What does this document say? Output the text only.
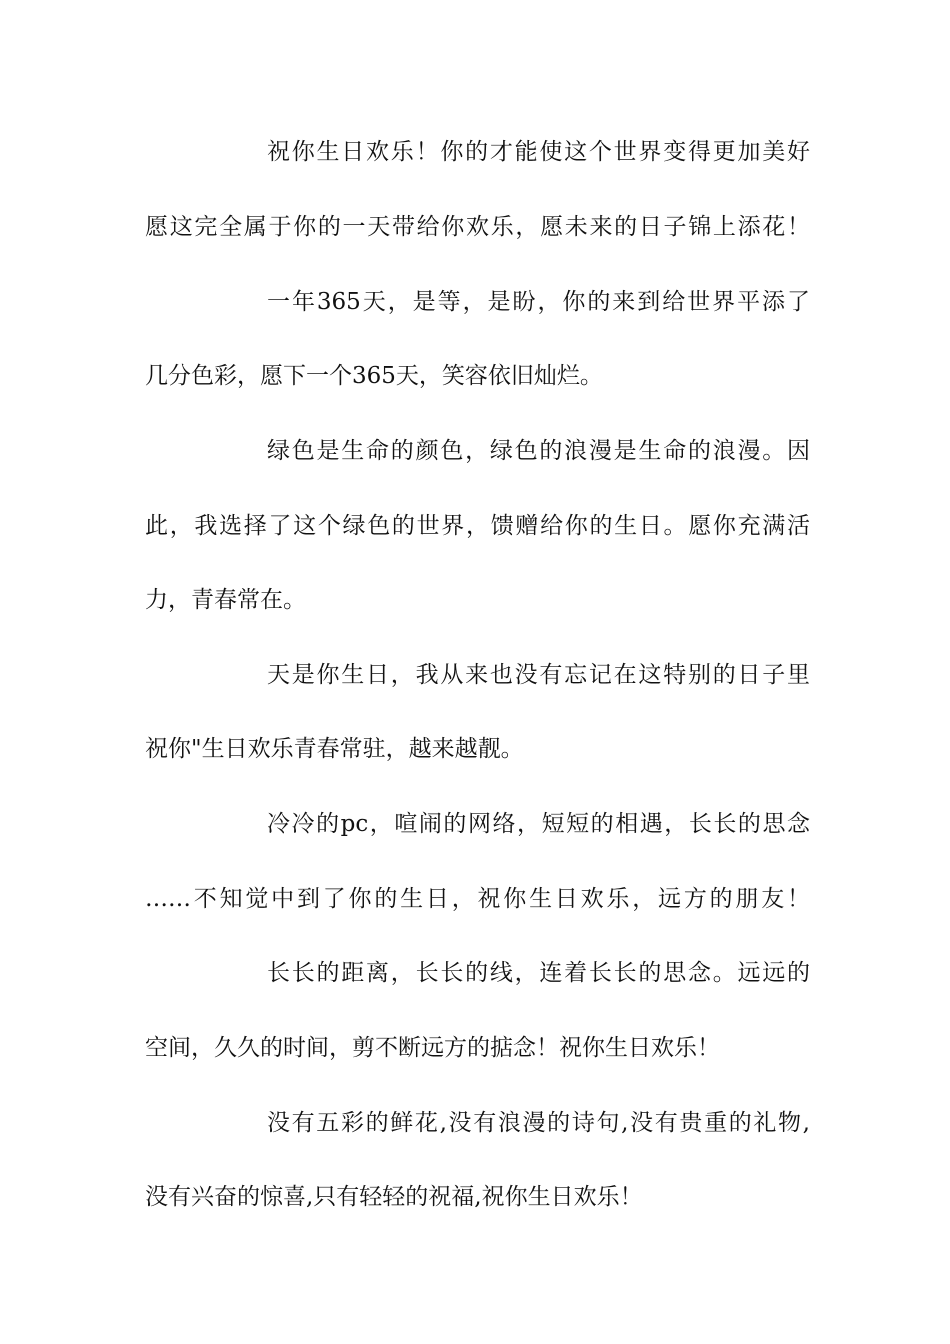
祝你生日欢乐！你的才能使这个世界变得更加美好
愿这完全属于你的一天带给你欢乐，愿未来的日子锦上添花！
一年365天，是等，是盼，你的来到给世界平添了
几分色彩，愿下一个365天，笑容依旧灿烂。
绿色是生命的颜色，绿色的浪漫是生命的浪漫。因
此，我选择了这个绿色的世界，馈赠给你的生日。愿你充满活
力，青春常在。
天是你生日，我从来也没有忘记在这特别的日子里
祝你"生日欢乐青春常驻，越来越靓。
冷冷的pc，喧闹的网络，短短的相遇，长长的思念
……不知觉中到了你的生日，祝你生日欢乐，远方的朋友！
长长的距离，长长的线，连着长长的思念。远远的
空间，久久的时间，剪不断远方的掂念！祝你生日欢乐！
没有五彩的鲜花,没有浪漫的诗句,没有贵重的礼物,
没有兴奋的惊喜,只有轻轻的祝福,祝你生日欢乐！
